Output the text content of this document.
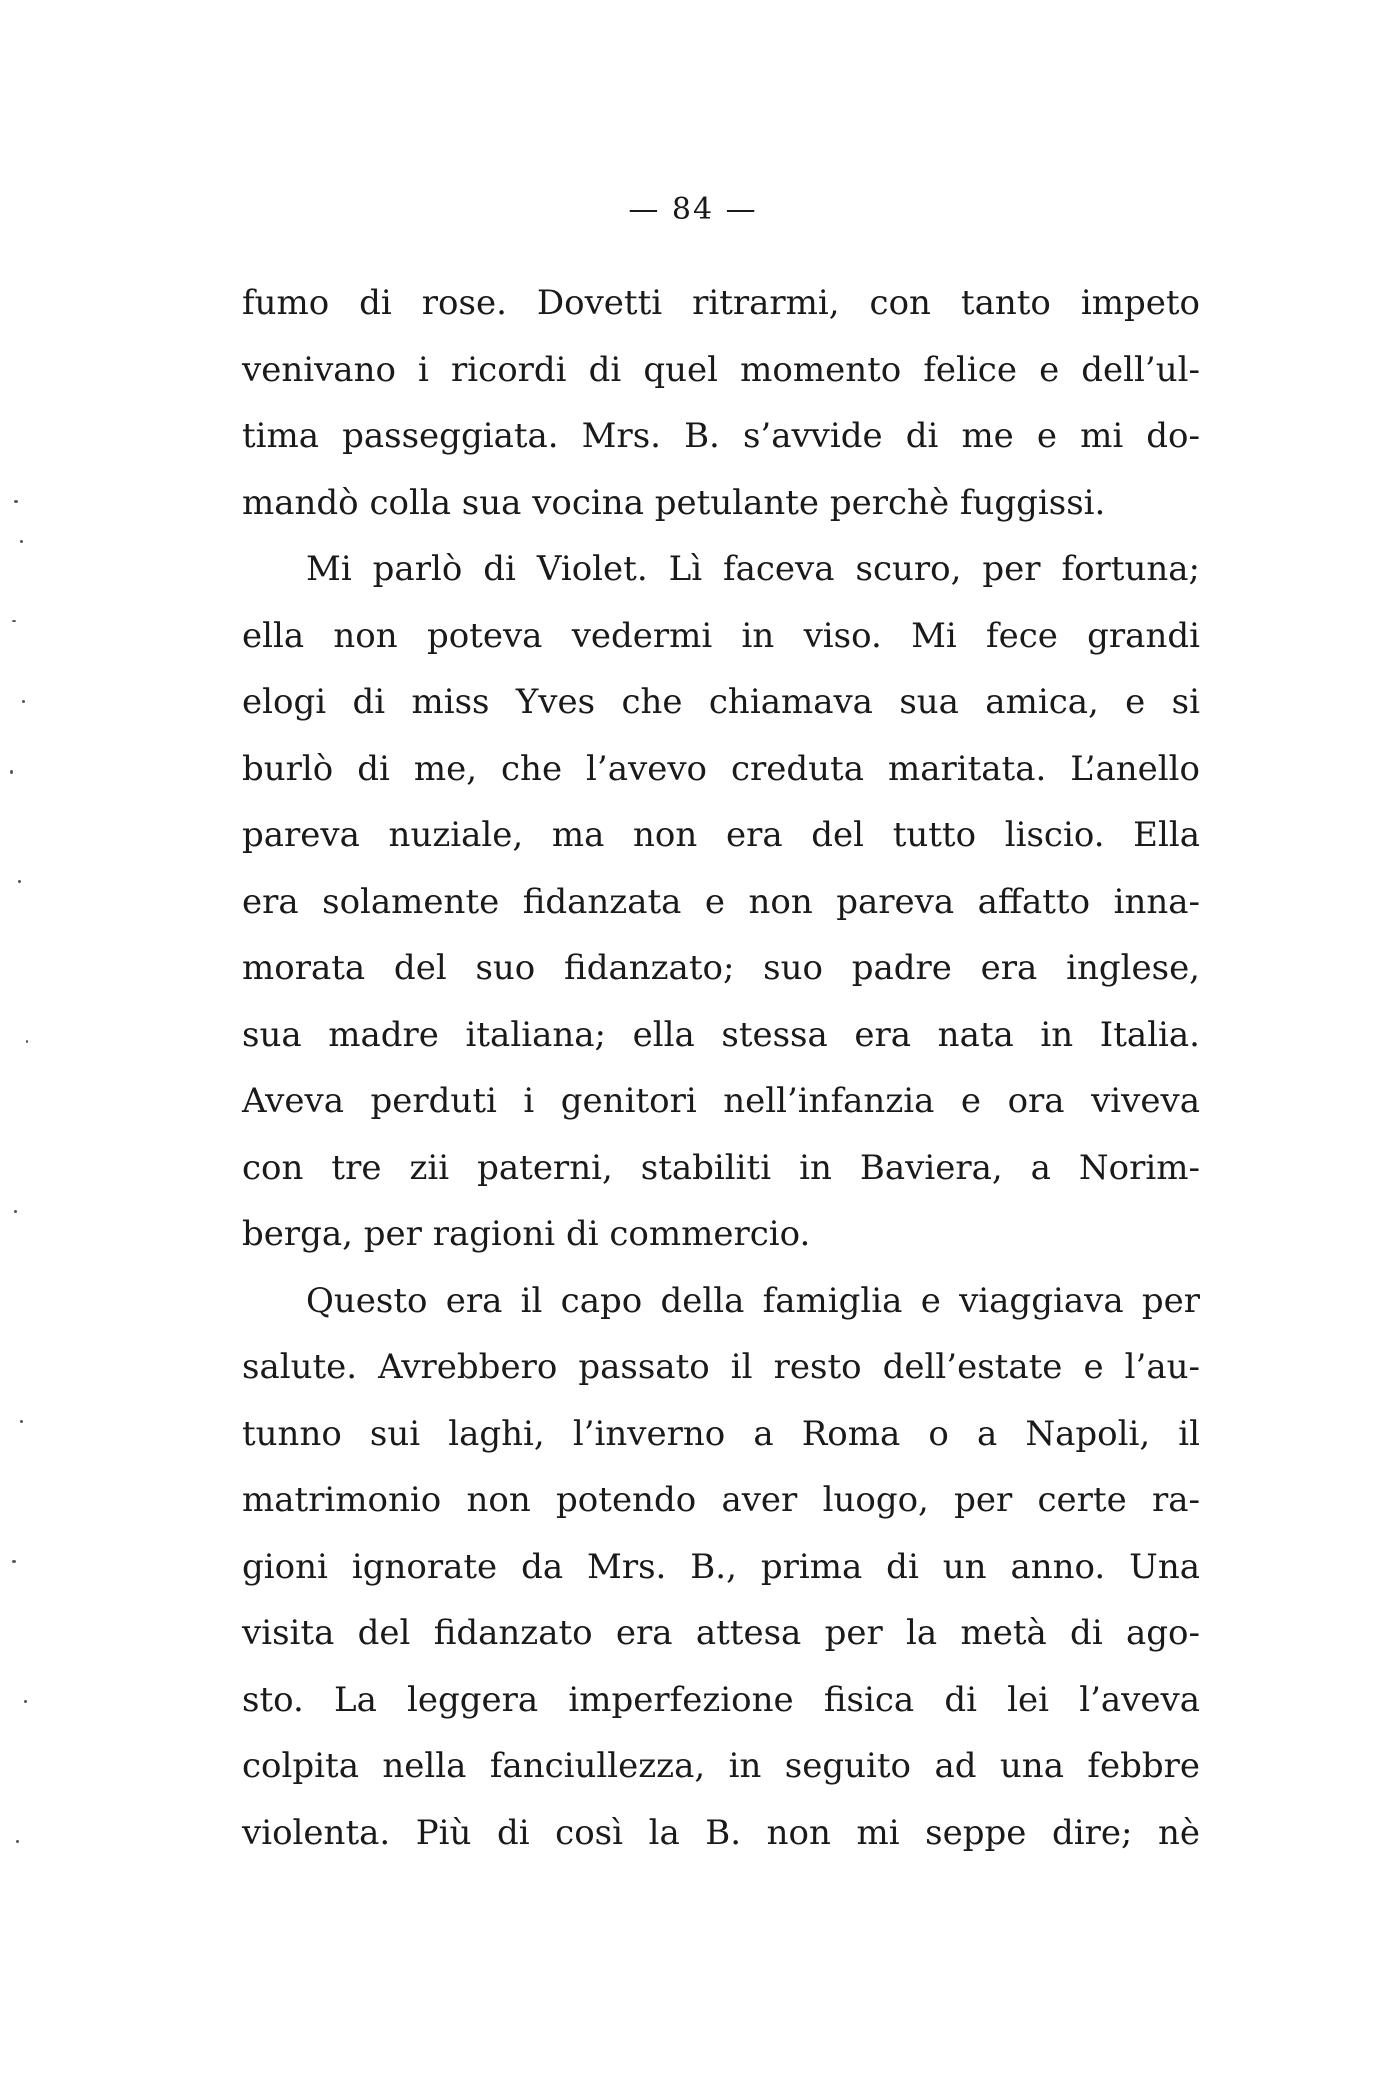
— 84 —
fumo di rose. Dovetti ritrarmi, con tanto impeto
venivano i ricordi di quel momento felice e dell’ul-
tima passeggiata. Mrs. B. s’avvide di me e mi do-
mandò colla sua vocina petulante perchè fuggissi.
Mi parlò di Violet. Lì faceva scuro, per fortuna;
ella non poteva vedermi in viso. Mi fece grandi
elogi di miss Yves che chiamava sua amica, e si
burlò di me, che l’avevo creduta maritata. L’anello
pareva nuziale, ma non era del tutto liscio. Ella
era solamente fidanzata e non pareva affatto inna-
morata del suo fidanzato; suo padre era inglese,
sua madre italiana; ella stessa era nata in Italia.
Aveva perduti i genitori nell’infanzia e ora viveva
con tre zii paterni, stabiliti in Baviera, a Norim-
berga, per ragioni di commercio.
Questo era il capo della famiglia e viaggiava per
salute. Avrebbero passato il resto dell’estate e l’au-
tunno sui laghi, l’inverno a Roma o a Napoli, il
matrimonio non potendo aver luogo, per certe ra-
gioni ignorate da Mrs. B., prima di un anno. Una
visita del fidanzato era attesa per la metà di ago-
sto. La leggera imperfezione fisica di lei l’aveva
colpita nella fanciullezza, in seguito ad una febbre
violenta. Più di così la B. non mi seppe dire; nè
